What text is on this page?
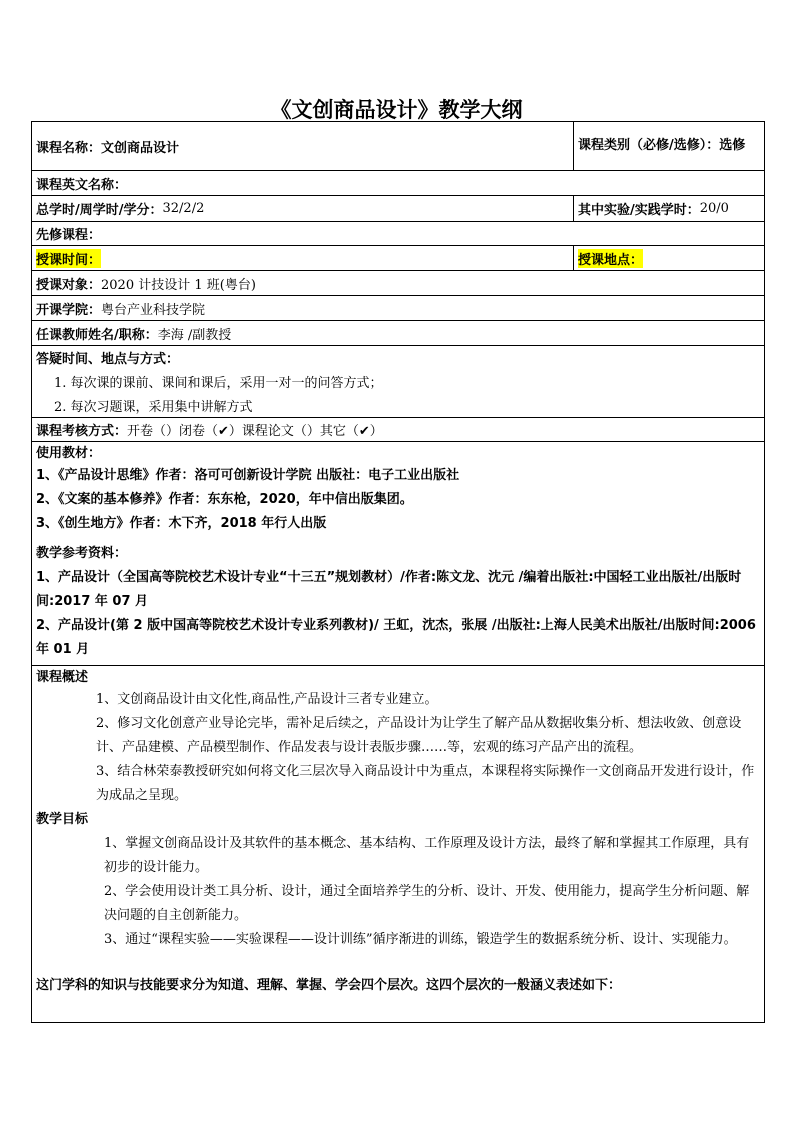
《文创商品设计》教学大纲
课程名称： 文创商品设计	课程类别（必修/选修）：选修
课程英文名称：
总学时/周学时/学分： 32/2/2	其中实验/实践学时： 20/0
先修课程：
授课时间：	授课地点：
授课对象： 2020 计技设计 1 班(粤台)
开课学院： 粤台产业科技学院
任课教师姓名/职称： 李海 /副教授
答疑时间、地点与方式：
1. 每次课的课前、课间和课后，采用一对一的问答方式；
2. 每次习题课，采用集中讲解方式
课程考核方式： 开卷（）闭卷（✔）课程论文（）其它（✔）
使用教材：
1、《产品设计思维》作者：洛可可创新设计学院 出版社：电子工业出版社
2、《文案的基本修养》作者：东东枪，2020，年中信出版集团。
3、《创生地方》作者：木下齐，2018 年行人出版
教学参考资料：
1、产品设计（全国高等院校艺术设计专业“十三五”规划教材）/作者:陈文龙、沈元 /编着出版社:中国轻工业出版社/出版时间:2017 年 07 月
2、产品设计(第 2 版中国高等院校艺术设计专业系列教材)/ 王虹，沈杰，张展 /出版社:上海人民美术出版社/出版时间:2006 年 01 月
课程概述
1、文创商品设计由文化性,商品性,产品设计三者专业建立。
2、修习文化创意产业导论完毕，需补足后续之，产品设计为让学生了解产品从数据收集分析、想法收敛、创意设计、产品建模、产品模型制作、作品发表与设计表版步骤……等，宏观的练习产品产出的流程。
3、结合林荣泰教授研究如何将文化三层次导入商品设计中为重点，本课程将实际操作一文创商品开发进行设计，作为成品之呈现。
教学目标
1、掌握文创商品设计及其软件的基本概念、基本结构、工作原理及设计方法，最终了解和掌握其工作原理，具有初步的设计能力。
2、学会使用设计类工具分析、设计，通过全面培养学生的分析、设计、开发、使用能力，提高学生分析问题、解决问题的自主创新能力。
3、通过“课程实验——实验课程——设计训练”循序渐进的训练，锻造学生的数据系统分析、设计、实现能力。
这门学科的知识与技能要求分为知道、理解、掌握、学会四个层次。这四个层次的一般涵义表述如下：
